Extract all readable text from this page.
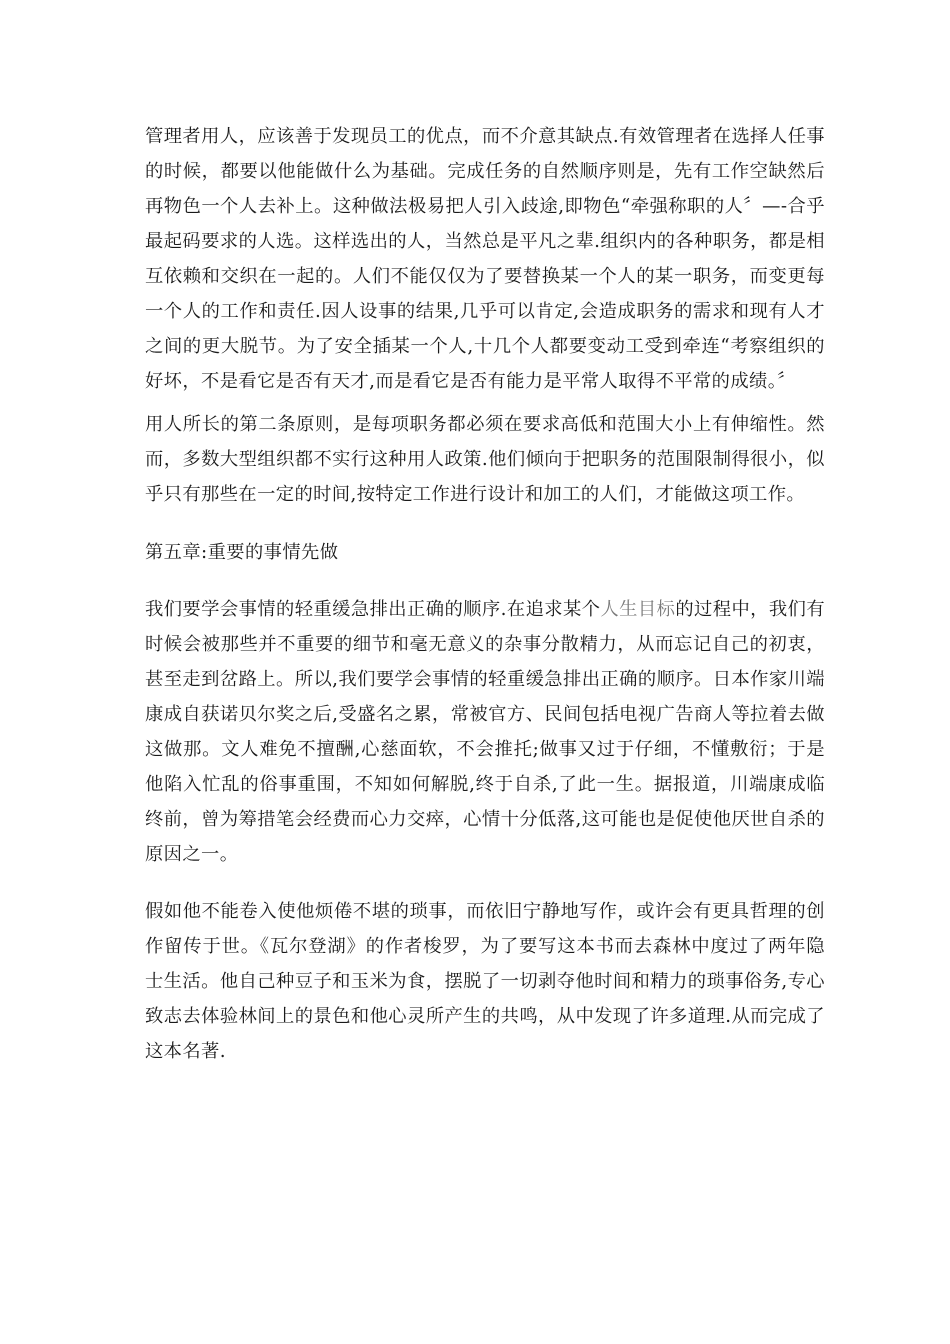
管理者用人，应该善于发现员工的优点，而不介意其缺点.有效管理者在选择人任事的时候，都要以他能做什么为基础。完成任务的自然顺序则是，先有工作空缺然后再物色一个人去补上。这种做法极易把人引入歧途,即物色“牵强称职的人〞—-合乎最起码要求的人选。这样选出的人，当然总是平凡之辈.组织内的各种职务，都是相互依赖和交织在一起的。人们不能仅仅为了要替换某一个人的某一职务，而变更每一个人的工作和责任.因人设事的结果,几乎可以肯定,会造成职务的需求和现有人才之间的更大脱节。为了安全插某一个人,十几个人都要变动工受到牵连“考察组织的好坏，不是看它是否有天才,而是看它是否有能力是平常人取得不平常的成绩。〞

用人所长的第二条原则，是每项职务都必须在要求高低和范围大小上有伸缩性。然而，多数大型组织都不实行这种用人政策.他们倾向于把职务的范围限制得很小，似乎只有那些在一定的时间,按特定工作进行设计和加工的人们，才能做这项工作。

第五章:重要的事情先做

我们要学会事情的轻重缓急排出正确的顺序.在追求某个人生目标的过程中，我们有时候会被那些并不重要的细节和毫无意义的杂事分散精力，从而忘记自己的初衷，甚至走到岔路上。所以,我们要学会事情的轻重缓急排出正确的顺序。日本作家川端康成自获诺贝尔奖之后,受盛名之累，常被官方、民间包括电视广告商人等拉着去做这做那。文人难免不擅酬,心慈面软，不会推托;做事又过于仔细，不懂敷衍；于是他陷入忙乱的俗事重围，不知如何解脱,终于自杀,了此一生。据报道，川端康成临终前，曾为筹措笔会经费而心力交瘁，心情十分低落,这可能也是促使他厌世自杀的原因之一。

假如他不能卷入使他烦倦不堪的琐事，而依旧宁静地写作，或许会有更具哲理的创作留传于世。《瓦尔登湖》的作者梭罗，为了要写这本书而去森林中度过了两年隐士生活。他自己种豆子和玉米为食，摆脱了一切剥夺他时间和精力的琐事俗务,专心致志去体验林间上的景色和他心灵所产生的共鸣，从中发现了许多道理.从而完成了这本名著.
